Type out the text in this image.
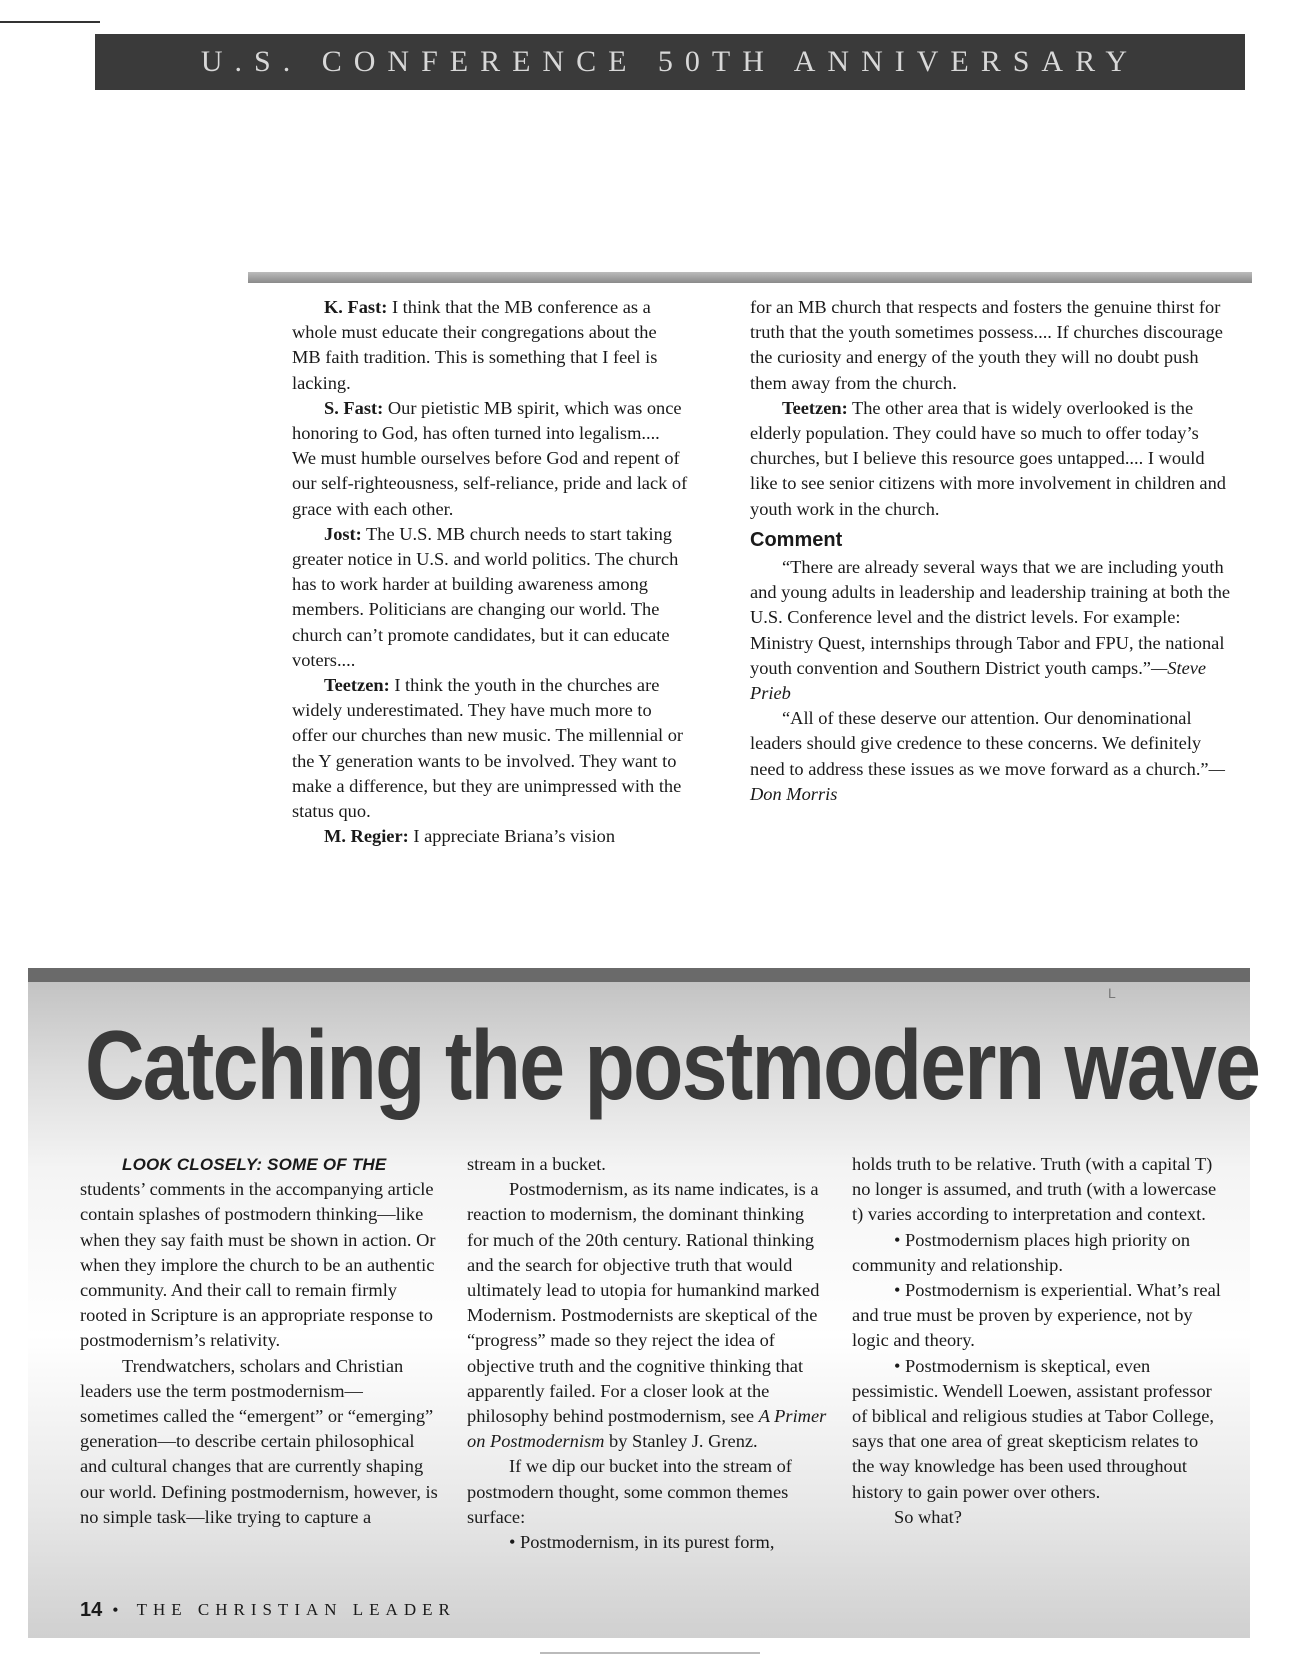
U.S. CONFERENCE 50TH ANNIVERSARY

K. Fast: I think that the MB conference as a whole must educate their congregations about the MB faith tradition. This is something that I feel is lacking.

S. Fast: Our pietistic MB spirit, which was once honoring to God, has often turned into legalism.... We must humble ourselves before God and repent of our self-righteousness, self-reliance, pride and lack of grace with each other.

Jost: The U.S. MB church needs to start taking greater notice in U.S. and world politics. The church has to work harder at building awareness among members. Politicians are changing our world. The church can’t promote candidates, but it can educate voters....

Teetzen: I think the youth in the churches are widely underestimated. They have much more to offer our churches than new music. The millennial or the Y generation wants to be involved. They want to make a difference, but they are unimpressed with the status quo.

M. Regier: I appreciate Briana’s vision

for an MB church that respects and fosters the genuine thirst for truth that the youth sometimes possess.... If churches discourage the curiosity and energy of the youth they will no doubt push them away from the church.

Teetzen: The other area that is widely overlooked is the elderly population. They could have so much to offer today’s churches, but I believe this resource goes untapped.... I would like to see senior citizens with more involvement in children and youth work in the church.

Comment

“There are already several ways that we are including youth and young adults in leadership and leadership training at both the U.S. Conference level and the district levels. For example: Ministry Quest, internships through Tabor and FPU, the national youth convention and Southern District youth camps.”—Steve Prieb

“All of these deserve our attention. Our denominational leaders should give credence to these concerns. We definitely need to address these issues as we move forward as a church.”—Don Morris

L
Catching the postmodern wave

LOOK CLOSELY: SOME OF THE students’ comments in the accompanying article contain splashes of postmodern thinking—like when they say faith must be shown in action. Or when they implore the church to be an authentic community. And their call to remain firmly rooted in Scripture is an appropriate response to postmodernism’s relativity.

Trendwatchers, scholars and Christian leaders use the term postmodernism—sometimes called the “emergent” or “emerging” generation—to describe certain philosophical and cultural changes that are currently shaping our world. Defining postmodernism, however, is no simple task—like trying to capture a

stream in a bucket.

Postmodernism, as its name indicates, is a reaction to modernism, the dominant thinking for much of the 20th century. Rational thinking and the search for objective truth that would ultimately lead to utopia for humankind marked Modernism. Postmodernists are skeptical of the “progress” made so they reject the idea of objective truth and the cognitive thinking that apparently failed. For a closer look at the philosophy behind postmodernism, see A Primer on Postmodernism by Stanley J. Grenz.

If we dip our bucket into the stream of postmodern thought, some common themes surface:

• Postmodernism, in its purest form,

holds truth to be relative. Truth (with a capital T) no longer is assumed, and truth (with a lowercase t) varies according to interpretation and context.

• Postmodernism places high priority on community and relationship.

• Postmodernism is experiential. What’s real and true must be proven by experience, not by logic and theory.

• Postmodernism is skeptical, even pessimistic. Wendell Loewen, assistant professor of biblical and religious studies at Tabor College, says that one area of great skepticism relates to the way knowledge has been used throughout history to gain power over others.

So what?

14 • THE CHRISTIAN LEADER
